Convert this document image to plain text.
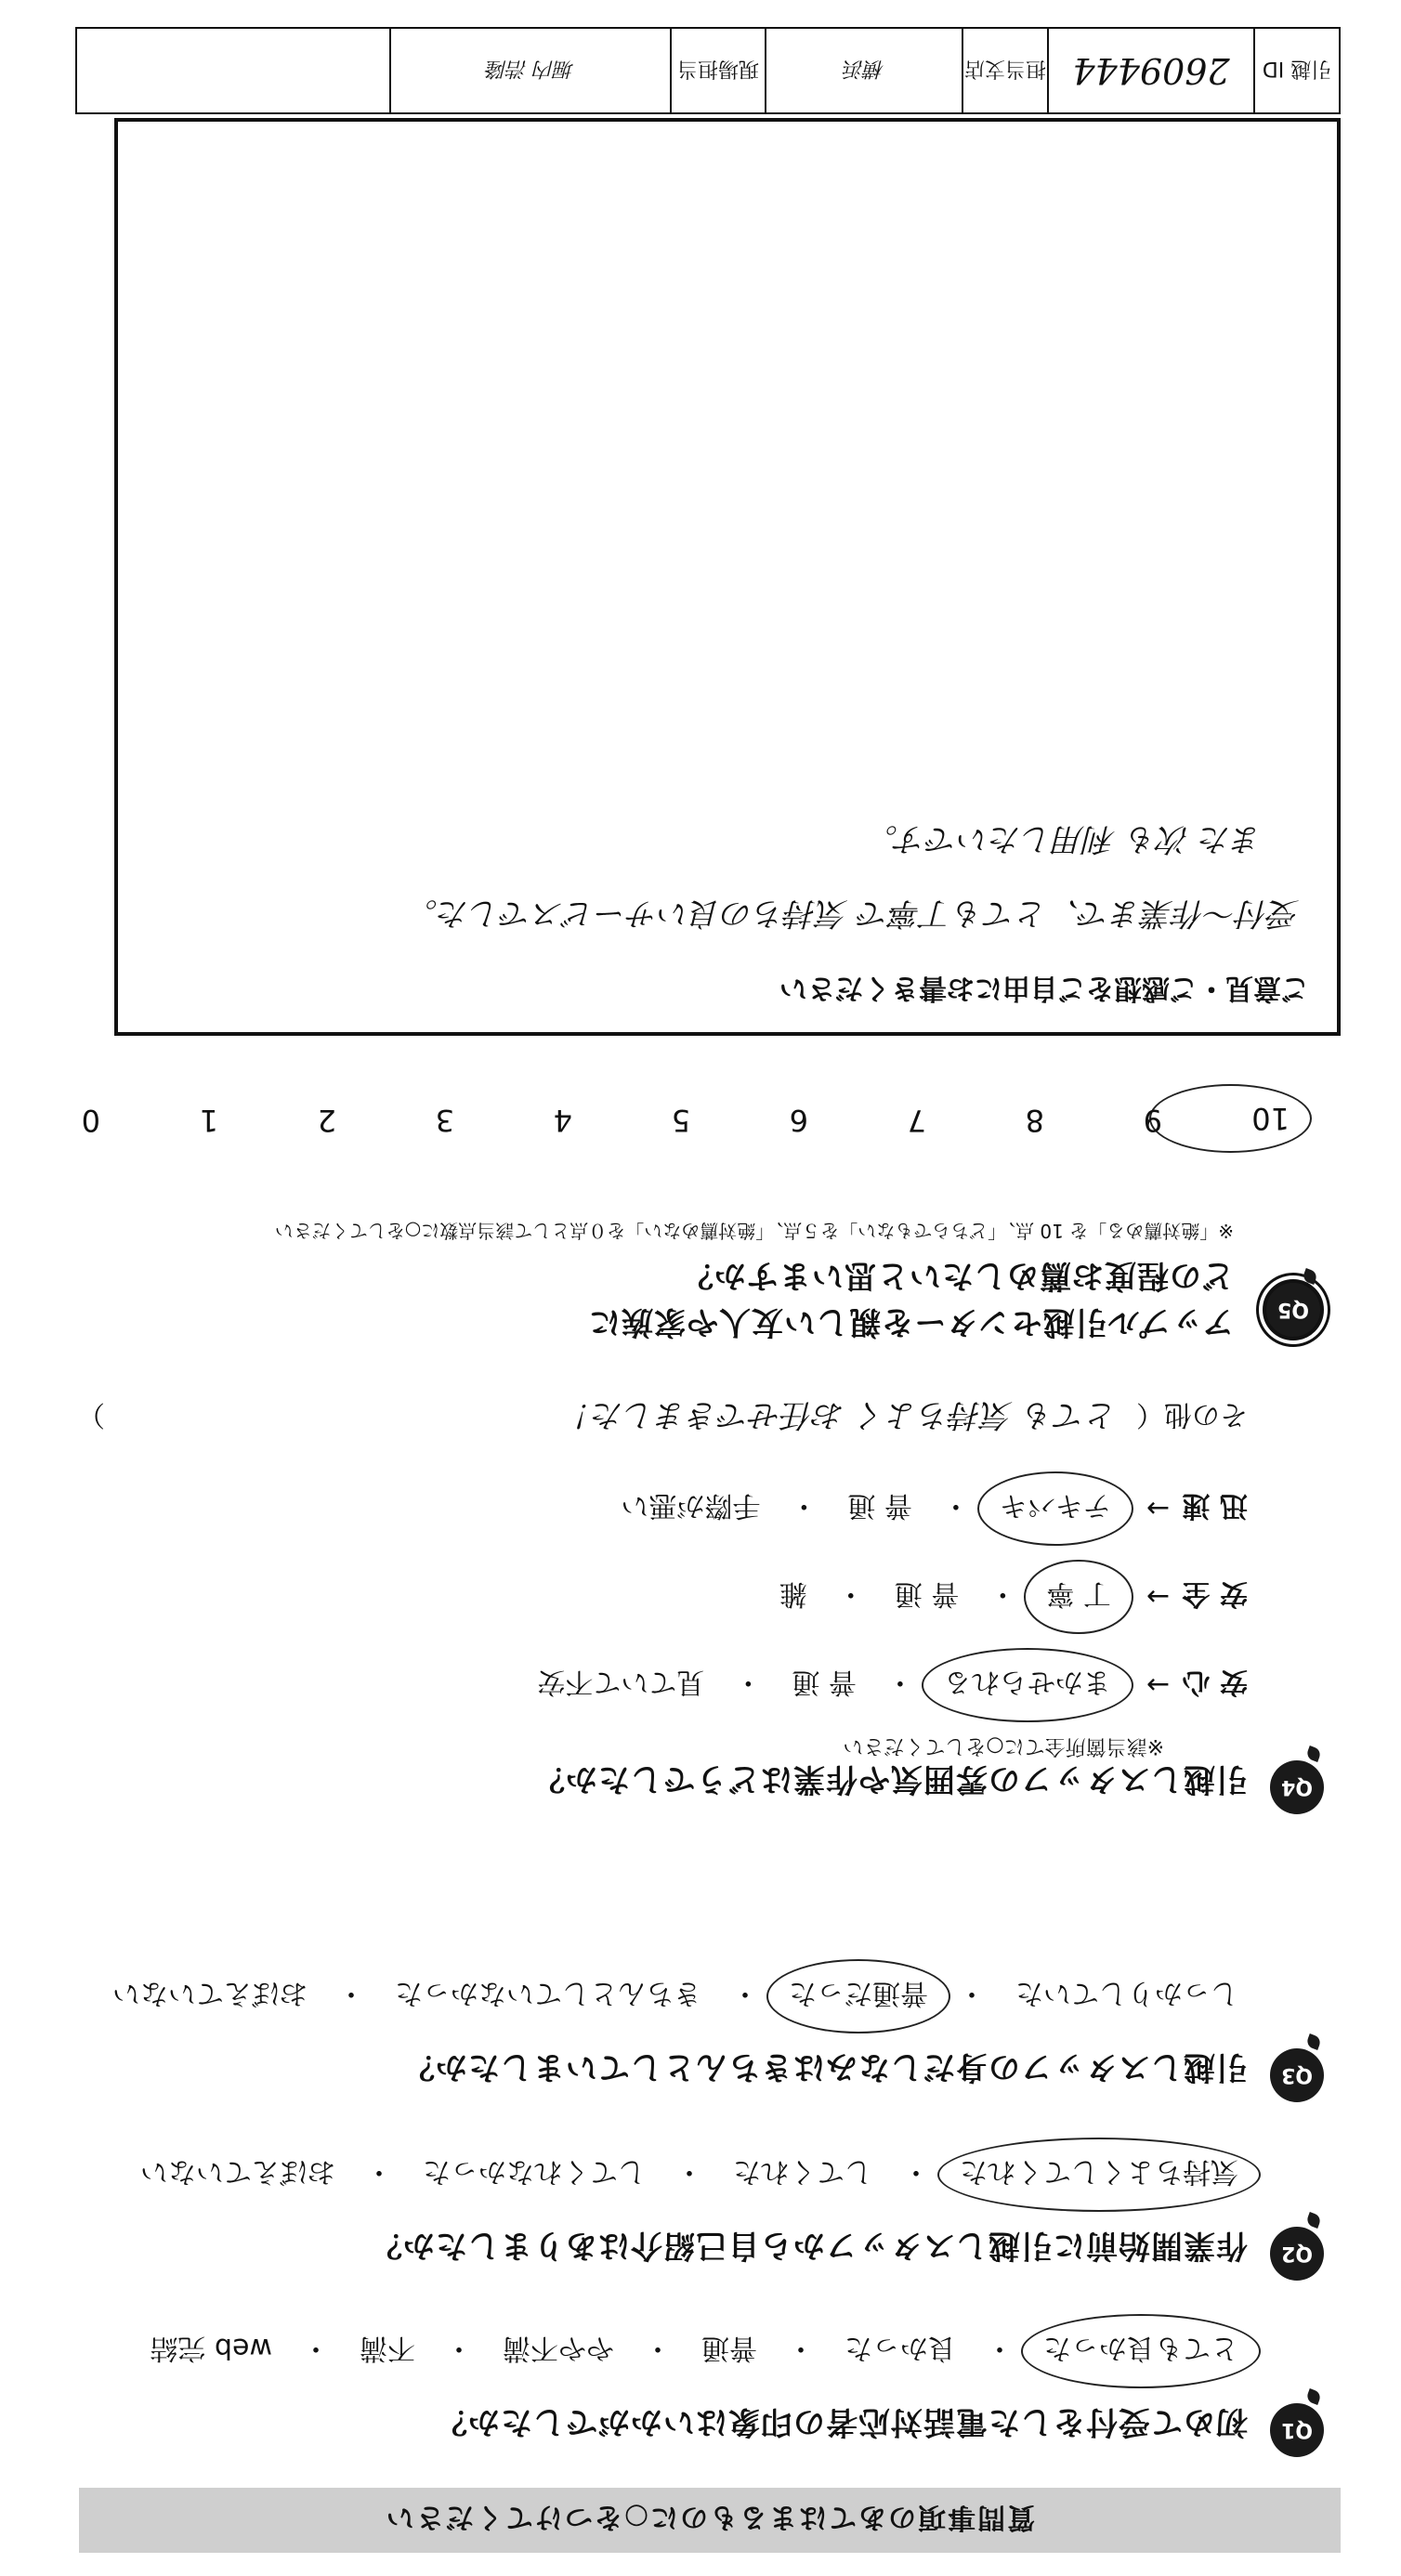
質問事項のあてはまるものに○をつけてください
Q1
初めて受付をした電話対応者の印象はいかがでしたか？
とても良かった
・
良かった
・
普通
・
やや不満
・
不満
・
web 完結
Q2
作業開始前に引越しスタッフから自己紹介はありましたか？
気持ちよくしてくれた
・
してくれた
・
してくれなかった
・
おぼえていない
Q3
引越しスタッフの身だしなみはきちんとしていましたか？
しっかりしていた
・
普通だった
・
きちんとしていなかった
・
おぼえていない
Q4
引越しスタッフの雰囲気や作業はどうでしたか？
※該当箇所全てに○をしてください
安 心
→
まかせられる
・
普 通
・
見ていて不安
安 全
→
丁 寧
・
普 通
・
雑
迅 速
→
テキパキ
・
普 通
・
手際が悪い
その他（
とても 気持ちよく お任せできました！
）
Q5
アップル引越センターを親しい友人や家族に
どの程度お薦めしたいと思いますか？
※「絶対薦める」を 10 点、「どちらでもない」を５点、「絶対薦めない」を０点として該当点数に○をしてください
10
9
8
7
6
5
4
3
2
1
0
ご意見・ご感想をご自由にお書きください
受付〜作業まで、とても丁寧で 気持ちの良いサービスでした。
また 次も 利用したいです。
引越 ID
2609444
担当支店
横浜
現場担当
堀内 浩隆
